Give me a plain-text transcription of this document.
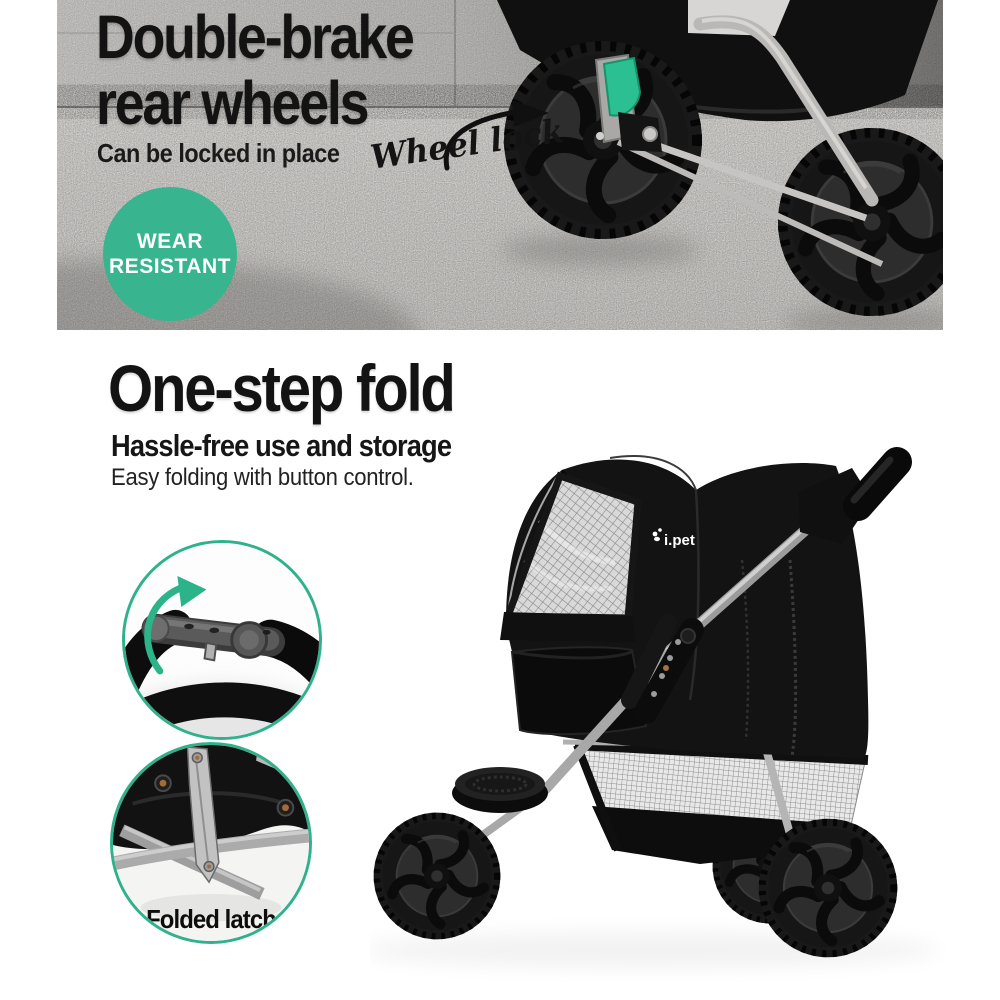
Double-brake
rear wheels
Can be locked in place Wheel lock
WEAR
RESISTANT
One-step fold
Hassle-free use and storage
Easy folding with button control.
Folded latch
i.pet
